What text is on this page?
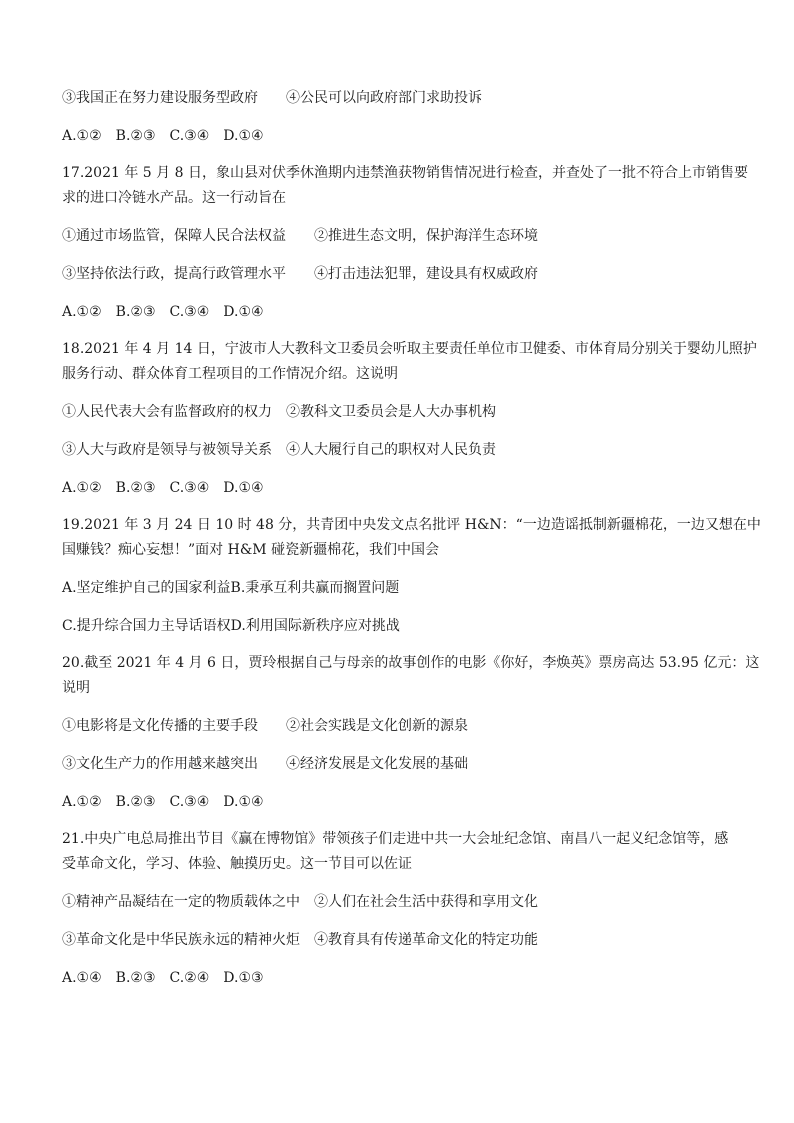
③我国正在努力建设服务型政府 ④公民可以向政府部门求助投诉
A.①② B.②③ C.③④ D.①④
17.2021 年 5 月 8 日，象山县对伏季休渔期内违禁渔获物销售情况进行检查，并查处了一批不符合上市销售要
求的进口冷链水产品。这一行动旨在
①通过市场监管，保障人民合法权益 ②推进生态文明，保护海洋生态环境
③坚持依法行政，提高行政管理水平 ④打击违法犯罪，建设具有权威政府
A.①② B.②③ C.③④ D.①④
18.2021 年 4 月 14 日，宁波市人大教科文卫委员会听取主要责任单位市卫健委、市体育局分别关于婴幼儿照护
服务行动、群众体育工程项目的工作情况介绍。这说明
①人民代表大会有监督政府的权力 ②教科文卫委员会是人大办事机构
③人大与政府是领导与被领导关系 ④人大履行自己的职权对人民负责
A.①② B.②③ C.③④ D.①④
19.2021 年 3 月 24 日 10 时 48 分，共青团中央发文点名批评 H&N：“一边造谣抵制新疆棉花，一边又想在中
国赚钱？痴心妄想！”面对 H&M 碰瓷新疆棉花，我们中国会
A.坚定维护自己的国家利益B.秉承互利共赢而搁置问题
C.提升综合国力主导话语权D.利用国际新秩序应对挑战
20.截至 2021 年 4 月 6 日，贾玲根据自己与母亲的故事创作的电影《你好，李焕英》票房高达 53.95 亿元：这
说明
①电影将是文化传播的主要手段 ②社会实践是文化创新的源泉
③文化生产力的作用越来越突出 ④经济发展是文化发展的基础
A.①② B.②③ C.③④ D.①④
21.中央广电总局推出节目《赢在博物馆》带领孩子们走进中共一大会址纪念馆、南昌八一起义纪念馆等，感
受革命文化，学习、体验、触摸历史。这一节目可以佐证
①精神产品凝结在一定的物质载体之中 ②人们在社会生活中获得和享用文化
③革命文化是中华民族永远的精神火炬 ④教育具有传递革命文化的特定功能
A.①④ B.②③ C.②④ D.①③
